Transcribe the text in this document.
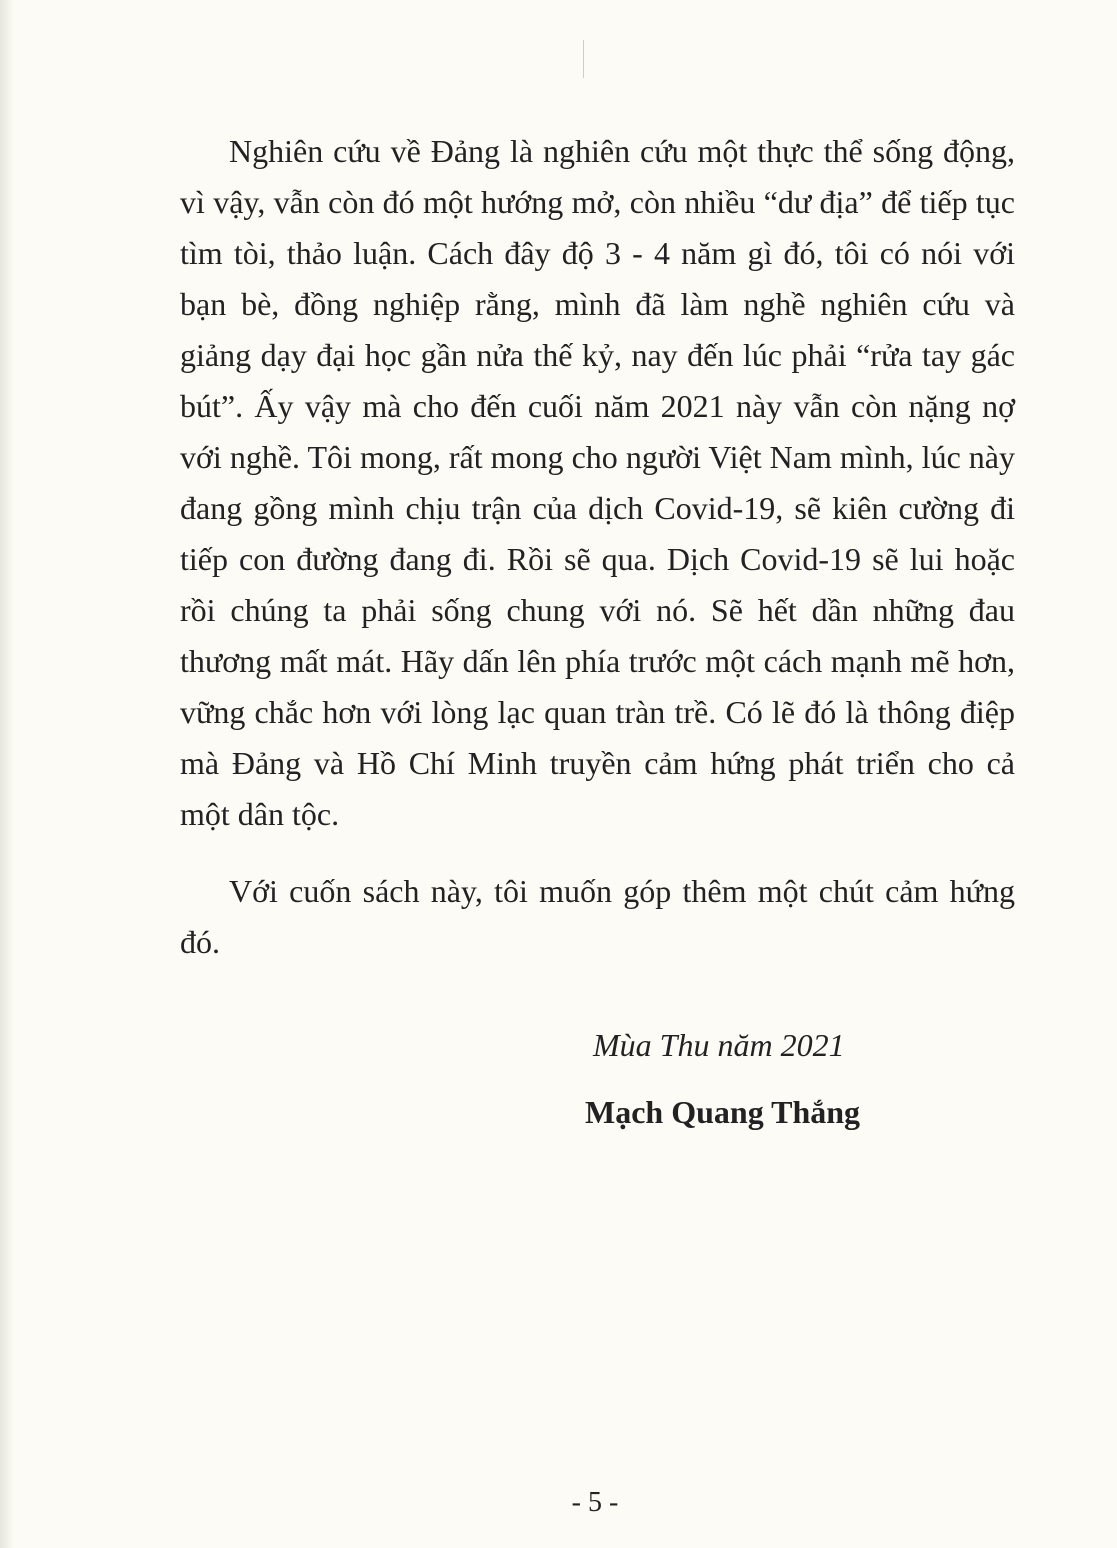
Nghiên cứu về Đảng là nghiên cứu một thực thể sống động, vì vậy, vẫn còn đó một hướng mở, còn nhiều “dư địa” để tiếp tục tìm tòi, thảo luận. Cách đây độ 3 - 4 năm gì đó, tôi có nói với bạn bè, đồng nghiệp rằng, mình đã làm nghề nghiên cứu và giảng dạy đại học gần nửa thế kỷ, nay đến lúc phải “rửa tay gác bút”. Ấy vậy mà cho đến cuối năm 2021 này vẫn còn nặng nợ với nghề. Tôi mong, rất mong cho người Việt Nam mình, lúc này đang gồng mình chịu trận của dịch Covid-19, sẽ kiên cường đi tiếp con đường đang đi. Rồi sẽ qua. Dịch Covid-19 sẽ lui hoặc rồi chúng ta phải sống chung với nó. Sẽ hết dần những đau thương mất mát. Hãy dấn lên phía trước một cách mạnh mẽ hơn, vững chắc hơn với lòng lạc quan tràn trề. Có lẽ đó là thông điệp mà Đảng và Hồ Chí Minh truyền cảm hứng phát triển cho cả một dân tộc.

Với cuốn sách này, tôi muốn góp thêm một chút cảm hứng đó.

Mùa Thu năm 2021

Mạch Quang Thắng

- 5 -
